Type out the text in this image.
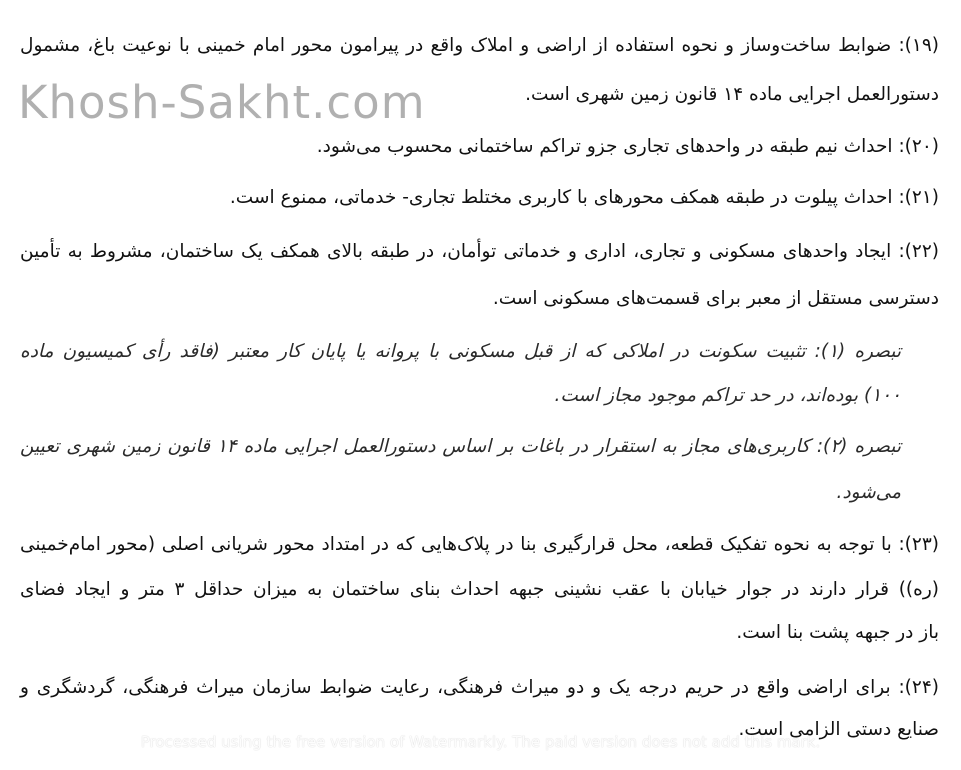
(۱۹): ضوابط ساخت‌وساز و نحوه استفاده از اراضی و املاک واقع در پیرامون محور امام خمینی با نوعیت باغ، مشمول
دستورالعمل اجرایی ماده ۱۴ قانون زمین شهری است.
(۲۰): احداث نیم طبقه در واحدهای تجاری جزو تراکم ساختمانی محسوب می‌شود.
(۲۱): احداث پیلوت در طبقه همکف محورهای با کاربری مختلط تجاری- خدماتی، ممنوع است.
(۲۲): ایجاد واحدهای مسکونی و تجاری، اداری و خدماتی توأمان، در طبقه بالای همکف یک ساختمان، مشروط به تأمین
دسترسی مستقل از معبر برای قسمت‌های مسکونی است.
تبصره (۱): تثبیت سکونت در املاکی که از قبل مسکونی با پروانه یا پایان کار معتبر (فاقد رأی کمیسیون ماده
۱۰۰) بوده‌اند، در حد تراکم موجود مجاز است.
تبصره (۲): کاربری‌های مجاز به استقرار در باغات بر اساس دستورالعمل اجرایی ماده ۱۴ قانون زمین شهری تعیین
می‌شود.
(۲۳): با توجه به نحوه تفکیک قطعه، محل قرارگیری بنا در پلاک‌هایی که در امتداد محور شریانی اصلی (محور امام‌خمینی
(ره)) قرار دارند در جوار خیابان با عقب نشینی جبهه احداث بنای ساختمان به میزان حداقل ۳ متر و ایجاد فضای
باز در جبهه پشت بنا است.
(۲۴): برای اراضی واقع در حریم درجه یک و دو میراث فرهنگی، رعایت ضوابط سازمان میراث فرهنگی، گردشگری و
صنایع دستی الزامی است.
Khosh-Sakht.com
Processed using the free version of Watermarkly. The paid version does not add this mark.
